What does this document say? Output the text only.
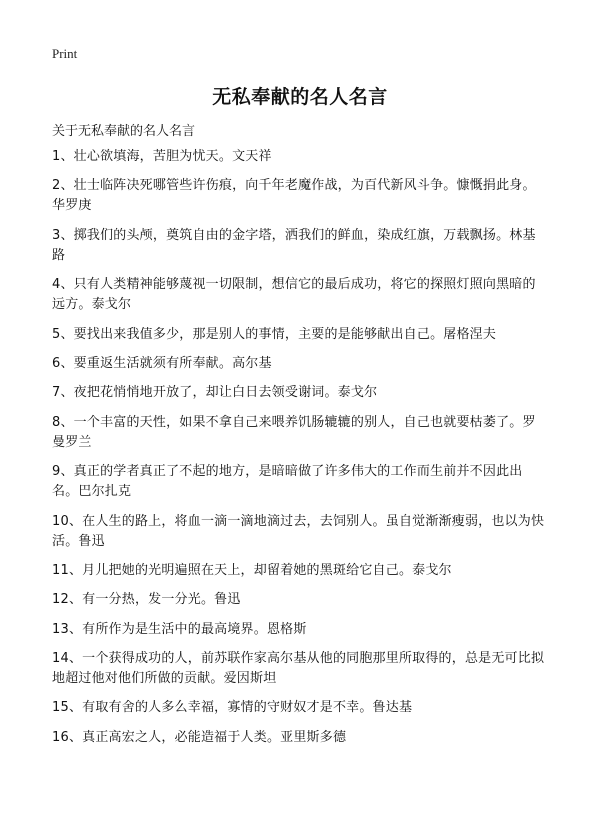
Print
无私奉献的名人名言

关于无私奉献的名人名言

1、壮心欲填海，苦胆为忧天。文天祥
2、壮士临阵决死哪管些许伤痕，向千年老魔作战，为百代新风斗争。慷慨捐此身。华罗庚
3、掷我们的头颅，奠筑自由的金字塔，洒我们的鲜血，染成红旗，万载飘扬。林基路
4、只有人类精神能够蔑视一切限制，想信它的最后成功，将它的探照灯照向黑暗的远方。泰戈尔
5、要找出来我值多少，那是别人的事情，主要的是能够献出自己。屠格涅夫
6、要重返生活就须有所奉献。高尔基
7、夜把花悄悄地开放了，却让白日去领受谢词。泰戈尔
8、一个丰富的天性，如果不拿自己来喂养饥肠辘辘的别人，自己也就要枯萎了。罗曼罗兰
9、真正的学者真正了不起的地方，是暗暗做了许多伟大的工作而生前并不因此出名。巴尔扎克
10、在人生的路上，将血一滴一滴地滴过去，去饲别人。虽自觉渐渐瘦弱，也以为快活。鲁迅
11、月儿把她的光明遍照在天上，却留着她的黑斑给它自己。泰戈尔
12、有一分热，发一分光。鲁迅
13、有所作为是生活中的最高境界。恩格斯
14、一个获得成功的人，前苏联作家高尔基从他的同胞那里所取得的，总是无可比拟地超过他对他们所做的贡献。爱因斯坦
15、有取有舍的人多么幸福，寡情的守财奴才是不幸。鲁达基
16、真正高宏之人，必能造福于人类。亚里斯多德
